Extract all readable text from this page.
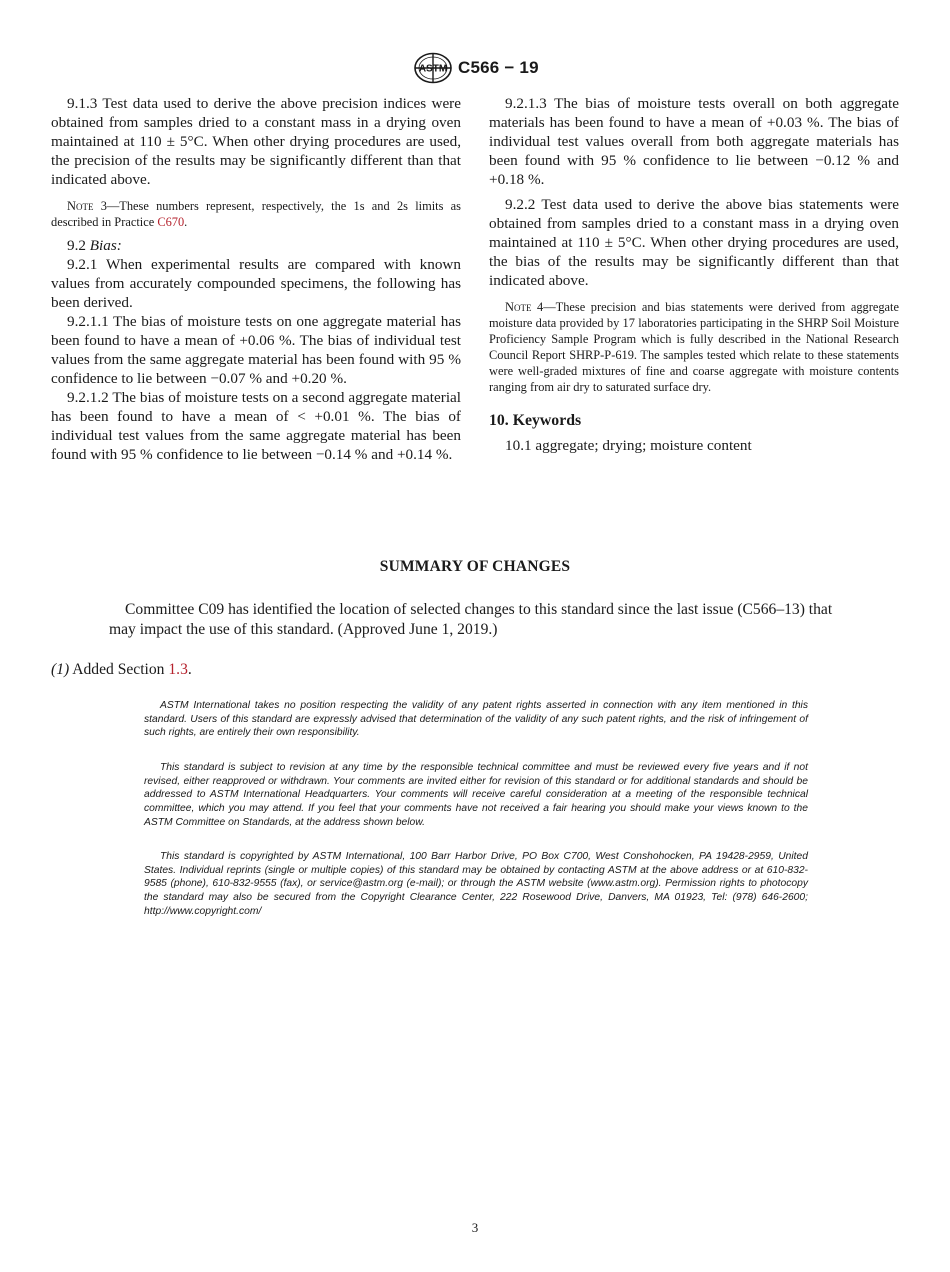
ASTM C566 − 19

9.1.3 Test data used to derive the above precision indices were obtained from samples dried to a constant mass in a drying oven maintained at 110 ± 5°C. When other drying procedures are used, the precision of the results may be significantly different than that indicated above.

Note 3—These numbers represent, respectively, the 1s and 2s limits as described in Practice C670.

9.2 Bias:

9.2.1 When experimental results are compared with known values from accurately compounded specimens, the following has been derived.

9.2.1.1 The bias of moisture tests on one aggregate material has been found to have a mean of +0.06 %. The bias of individual test values from the same aggregate material has been found with 95 % confidence to lie between −0.07 % and +0.20 %.

9.2.1.2 The bias of moisture tests on a second aggregate material has been found to have a mean of < +0.01 %. The bias of individual test values from the same aggregate material has been found with 95 % confidence to lie between −0.14 % and +0.14 %.

9.2.1.3 The bias of moisture tests overall on both aggregate materials has been found to have a mean of +0.03 %. The bias of individual test values overall from both aggregate materials has been found with 95 % confidence to lie between −0.12 % and +0.18 %.

9.2.2 Test data used to derive the above bias statements were obtained from samples dried to a constant mass in a drying oven maintained at 110 ± 5°C. When other drying procedures are used, the bias of the results may be significantly different than that indicated above.

Note 4—These precision and bias statements were derived from aggregate moisture data provided by 17 laboratories participating in the SHRP Soil Moisture Proficiency Sample Program which is fully described in the National Research Council Report SHRP-P-619. The samples tested which relate to these statements were well-graded mixtures of fine and coarse aggregate with moisture contents ranging from air dry to saturated surface dry.

10. Keywords

10.1 aggregate; drying; moisture content

SUMMARY OF CHANGES
Committee C09 has identified the location of selected changes to this standard since the last issue (C566–13) that may impact the use of this standard. (Approved June 1, 2019.)
(1) Added Section 1.3.

ASTM International takes no position respecting the validity of any patent rights asserted in connection with any item mentioned in this standard. Users of this standard are expressly advised that determination of the validity of any such patent rights, and the risk of infringement of such rights, are entirely their own responsibility.

This standard is subject to revision at any time by the responsible technical committee and must be reviewed every five years and if not revised, either reapproved or withdrawn. Your comments are invited either for revision of this standard or for additional standards and should be addressed to ASTM International Headquarters. Your comments will receive careful consideration at a meeting of the responsible technical committee, which you may attend. If you feel that your comments have not received a fair hearing you should make your views known to the ASTM Committee on Standards, at the address shown below.

This standard is copyrighted by ASTM International, 100 Barr Harbor Drive, PO Box C700, West Conshohocken, PA 19428-2959, United States. Individual reprints (single or multiple copies) of this standard may be obtained by contacting ASTM at the above address or at 610-832-9585 (phone), 610-832-9555 (fax), or service@astm.org (e-mail); or through the ASTM website (www.astm.org). Permission rights to photocopy the standard may also be secured from the Copyright Clearance Center, 222 Rosewood Drive, Danvers, MA 01923, Tel: (978) 646-2600; http://www.copyright.com/

3
